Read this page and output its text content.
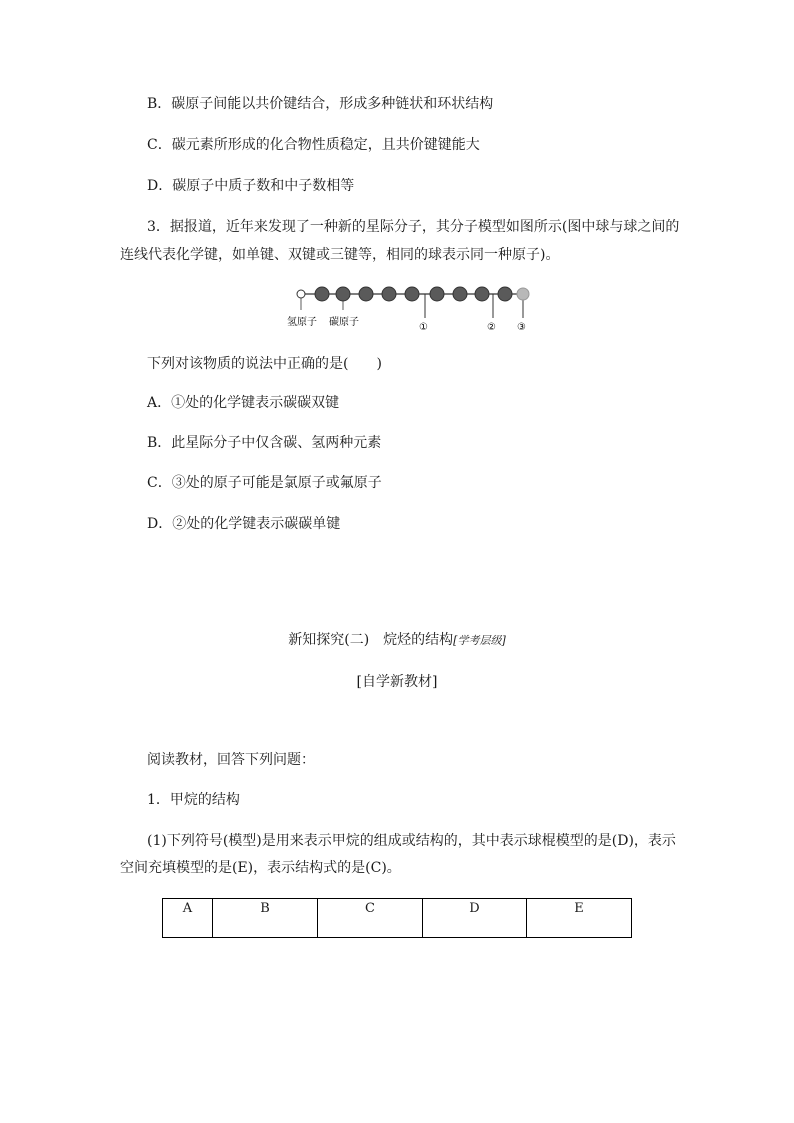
B．碳原子间能以共价键结合，形成多种链状和环状结构
C．碳元素所形成的化合物性质稳定，且共价键键能大
D．碳原子中质子数和中子数相等
3．据报道，近年来发现了一种新的星际分子，其分子模型如图所示(图中球与球之间的
连线代表化学键，如单键、双键或三键等，相同的球表示同一种原子)。
氢原子 碳原子	①	② ③
下列对该物质的说法中正确的是(　　)
A．①处的化学键表示碳碳双键
B．此星际分子中仅含碳、氢两种元素
C．③处的原子可能是氯原子或氟原子
D．②处的化学键表示碳碳单键
新知探究(二)　烷烃的结构[学考层级]
[自学新教材]
阅读教材，回答下列问题：
1．甲烷的结构
(1)下列符号(模型)是用来表示甲烷的组成或结构的，其中表示球棍模型的是(D)，表示
空间充填模型的是(E)，表示结构式的是(C)。
A	B	C	D	E
